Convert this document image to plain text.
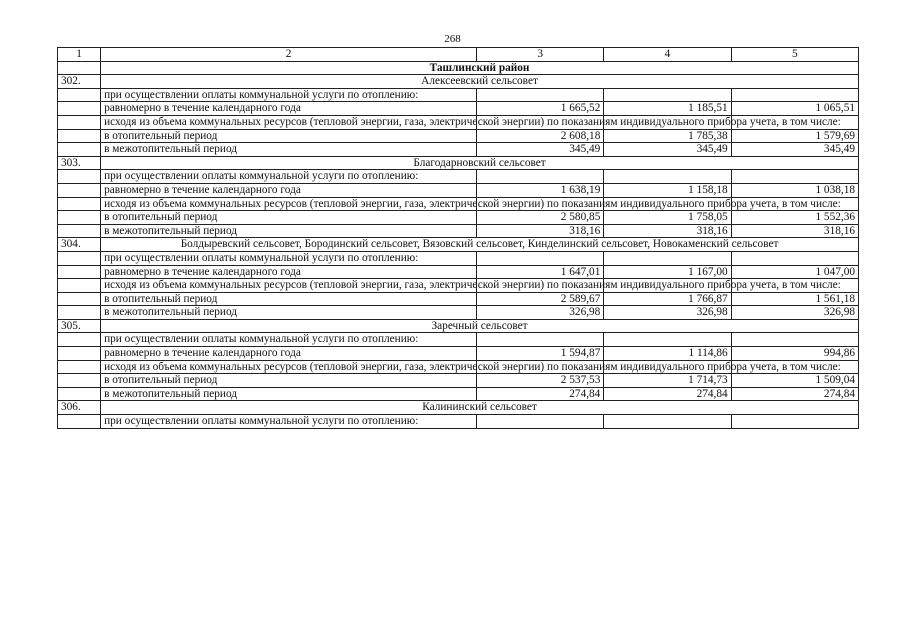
268
1	2	3	4	5
	Ташлинский район			
302.	Алексеевский сельсовет			
	при осуществлении оплаты коммунальной услуги по отоплению:			
	равномерно в течение календарного года	1 665,52	1 185,51	1 065,51
	исходя из объема коммунальных ресурсов (тепловой энергии, газа, электрической энергии) по показаниям индивидуального прибора учета, в том числе:			
	в отопительный период	2 608,18	1 785,38	1 579,69
	в межотопительный период	345,49	345,49	345,49
303.	Благодарновский сельсовет			
	при осуществлении оплаты коммунальной услуги по отоплению:			
	равномерно в течение календарного года	1 638,19	1 158,18	1 038,18
	исходя из объема коммунальных ресурсов (тепловой энергии, газа, электрической энергии) по показаниям индивидуального прибора учета, в том числе:			
	в отопительный период	2 580,85	1 758,05	1 552,36
	в межотопительный период	318,16	318,16	318,16
304.	Болдыревский сельсовет, Бородинский сельсовет, Вязовский сельсовет, Кинделинский сельсовет, Новокаменский сельсовет			
	при осуществлении оплаты коммунальной услуги по отоплению:			
	равномерно в течение календарного года	1 647,01	1 167,00	1 047,00
	исходя из объема коммунальных ресурсов (тепловой энергии, газа, электрической энергии) по показаниям индивидуального прибора учета, в том числе:			
	в отопительный период	2 589,67	1 766,87	1 561,18
	в межотопительный период	326,98	326,98	326,98
305.	Заречный сельсовет			
	при осуществлении оплаты коммунальной услуги по отоплению:			
	равномерно в течение календарного года	1 594,87	1 114,86	994,86
	исходя из объема коммунальных ресурсов (тепловой энергии, газа, электрической энергии) по показаниям индивидуального прибора учета, в том числе:			
	в отопительный период	2 537,53	1 714,73	1 509,04
	в межотопительный период	274,84	274,84	274,84
306.	Калининский сельсовет			
	при осуществлении оплаты коммунальной услуги по отоплению:			
